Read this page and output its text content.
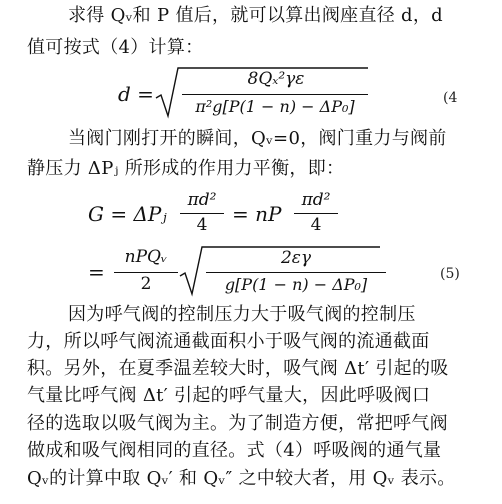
求得 Qᵥ和 P 值后，就可以算出阀座直径 d，d
值可按式（4）计算：
d =
8Qₓ²γε
π²g[P(1 − n) − ΔP₀]	(4
当阀门刚打开的瞬间，Qᵥ=0，阀门重力与阀前
静压力 ΔPⱼ 所形成的作用力平衡，即：
G = ΔPⱼ
πd²
4	= nP
πd²
4
=
nPQᵥ
2
2εγ
g[P(1 − n) − ΔP₀]
(5)
因为呼气阀的控制压力大于吸气阀的控制压
力，所以呼气阀流通截面积小于吸气阀的流通截面
积。另外，在夏季温差较大时，吸气阀 Δt′ 引起的吸
气量比呼气阀 Δt′ 引起的呼气量大，因此呼吸阀口
径的选取以吸气阀为主。为了制造方便，常把呼气阀
做成和吸气阀相同的直径。式（4）呼吸阀的通气量
Qᵥ的计算中取 Qᵥ′ 和 Qᵥ″ 之中较大者，用 Qᵥ 表示。
